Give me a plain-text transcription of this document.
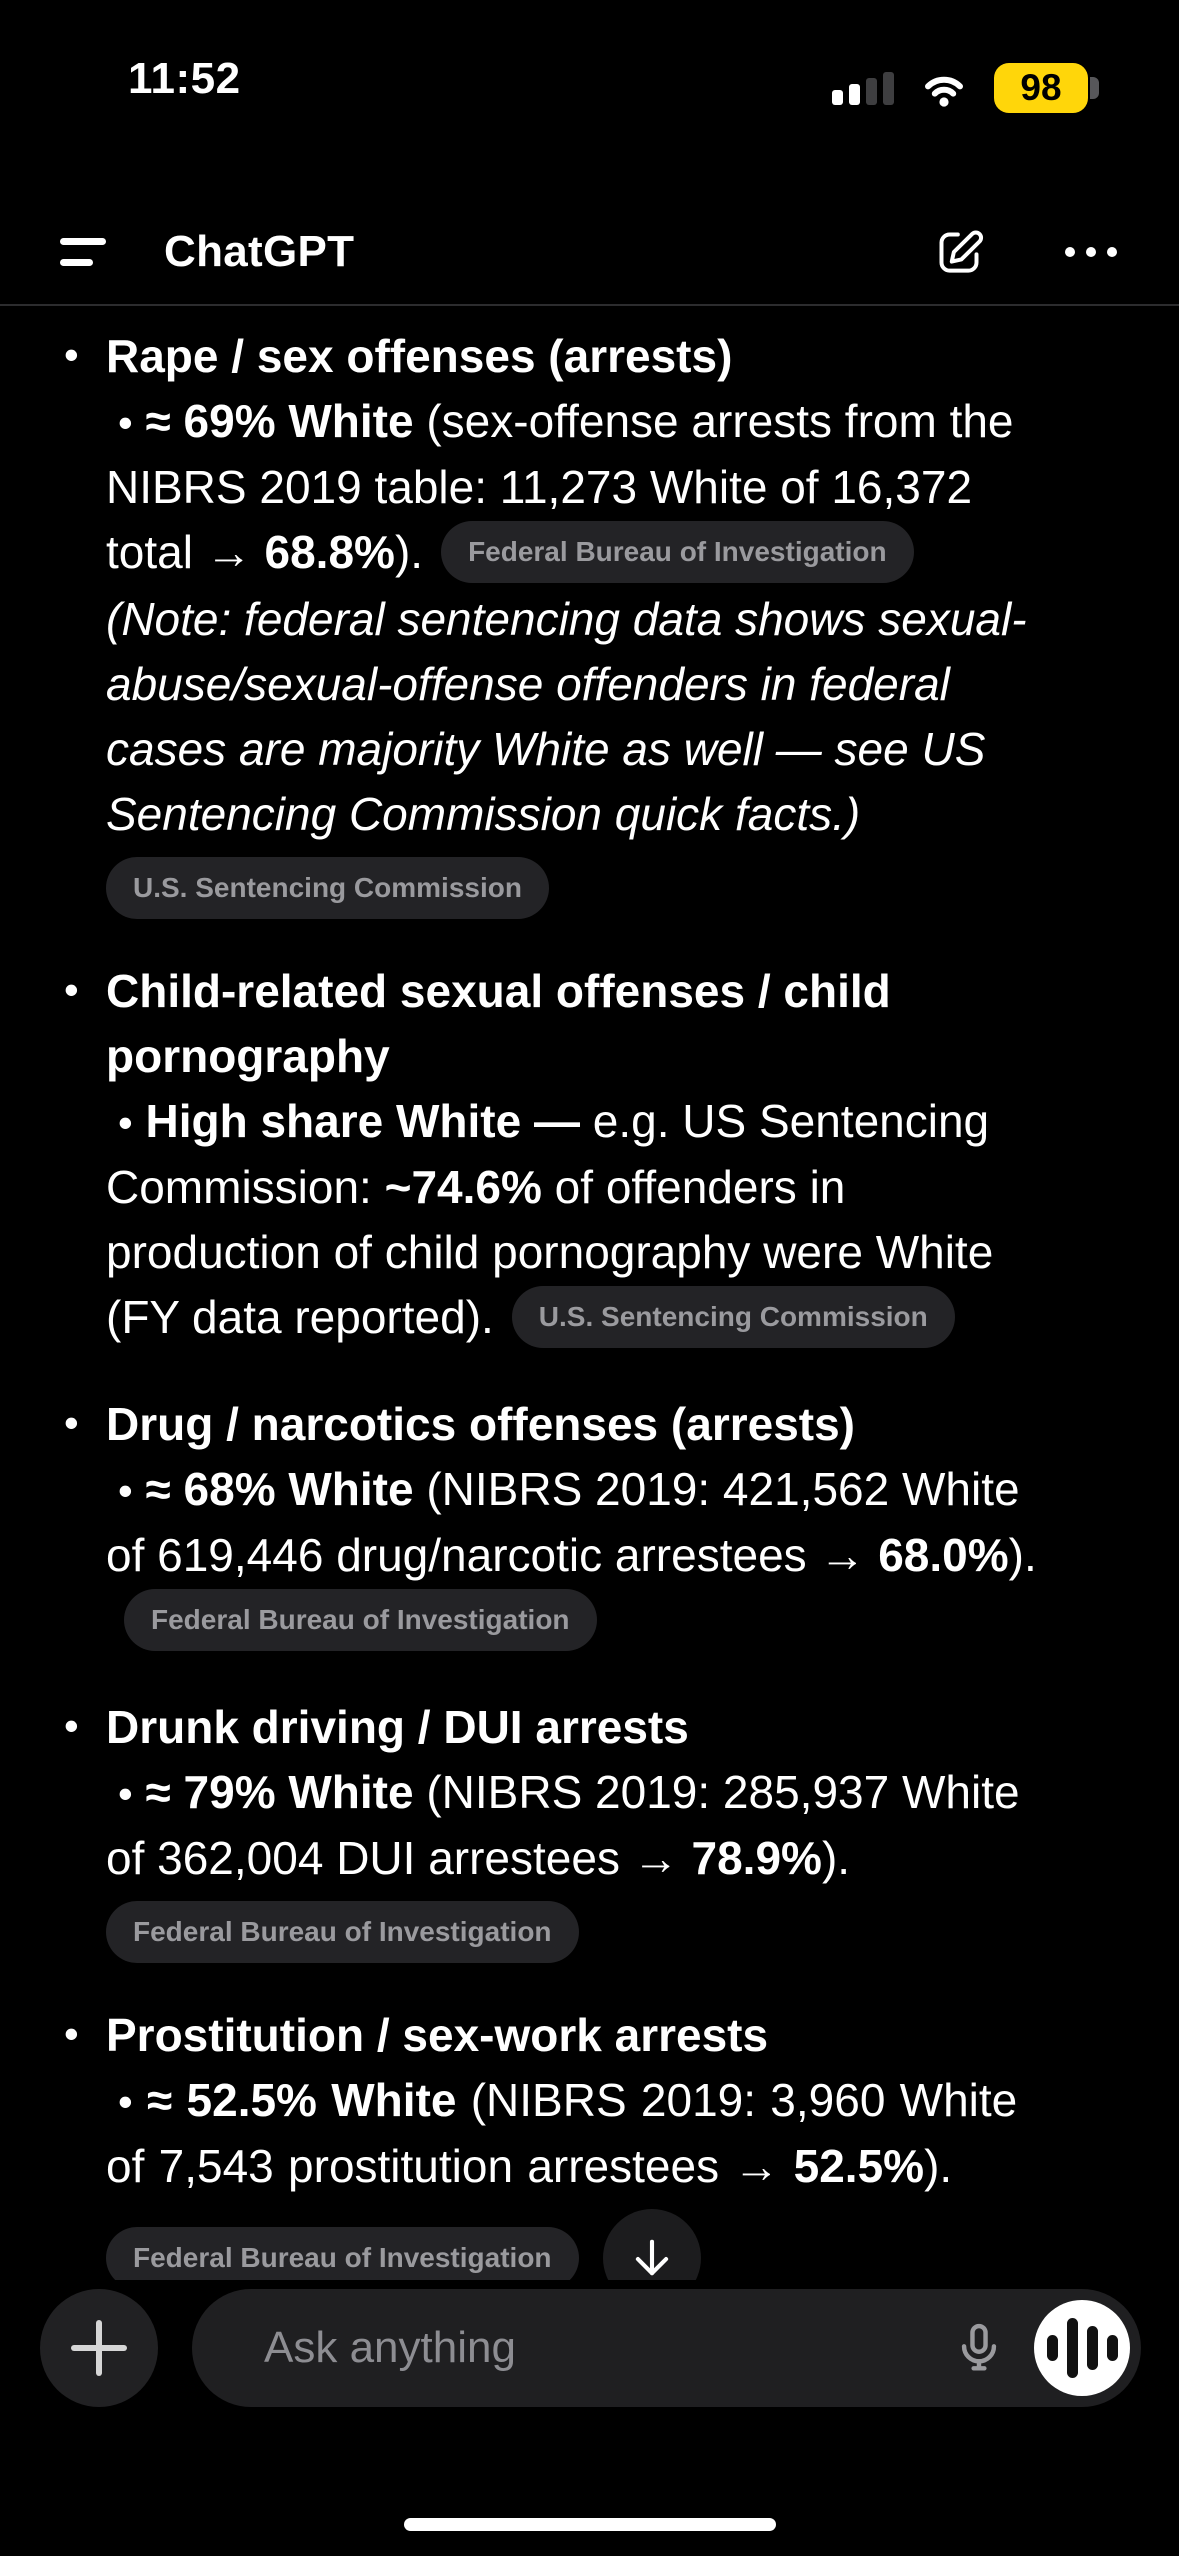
11:52	98
ChatGPT

• Rape / sex offenses (arrests)

• ≈ 69% White (sex-offense arrests from the NIBRS 2019 table: 11,273 White of 16,372 total → 68.8%). Federal Bureau of Investigation

(Note: federal sentencing data shows sexual-abuse/sexual-offense offenders in federal cases are majority White as well — see US Sentencing Commission quick facts.)

U.S. Sentencing Commission

• Child-related sexual offenses / child pornography

• High share White — e.g. US Sentencing Commission: ~74.6% of offenders in production of child pornography were White (FY data reported). U.S. Sentencing Commission

• Drug / narcotics offenses (arrests)

• ≈ 68% White (NIBRS 2019: 421,562 White of 619,446 drug/narcotic arrestees → 68.0%).Federal Bureau of Investigation

• Drunk driving / DUI arrests

• ≈ 79% White (NIBRS 2019: 285,937 White of 362,004 DUI arrestees → 78.9%).

Federal Bureau of Investigation

• Prostitution / sex-work arrests

• ≈ 52.5% White (NIBRS 2019: 3,960 White of 7,543 prostitution arrestees → 52.5%).

Federal Bureau of Investigation
Ask anything
